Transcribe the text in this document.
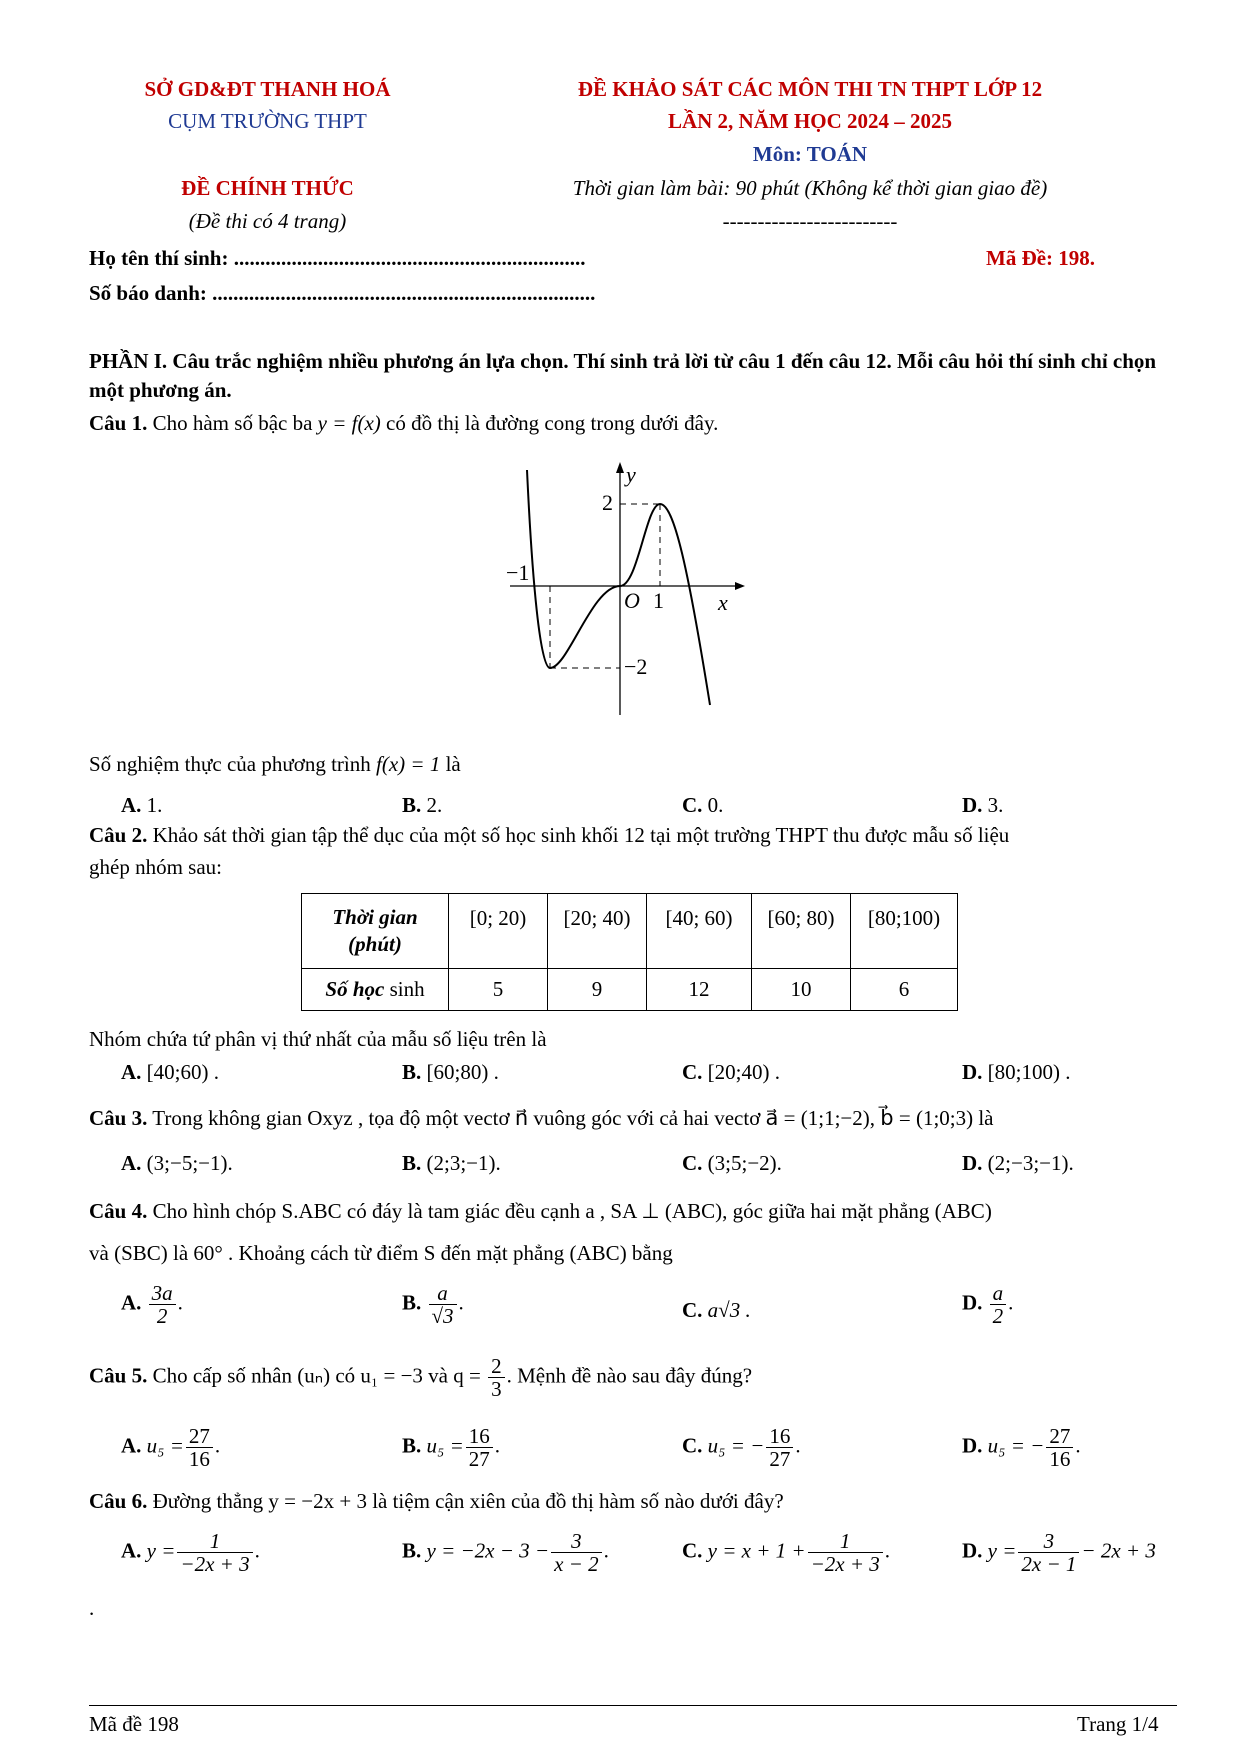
SỞ GD&ĐT THANH HOÁ
CỤM TRƯỜNG THPT
ĐỀ CHÍNH THỨC
(Đề thi có 4 trang)
ĐỀ KHẢO SÁT CÁC MÔN THI TN THPT LỚP 12
LẦN 2, NĂM HỌC 2024 – 2025
Môn: TOÁN
Thời gian làm bài: 90 phút (Không kể thời gian giao đề)
-------------------------
Họ tên thí sinh: ...................................................................	Mã Đề: 198.
Số báo danh: .........................................................................
PHẦN I. Câu trắc nghiệm nhiều phương án lựa chọn. Thí sinh trả lời từ câu 1 đến câu 12. Mỗi câu hỏi thí sinh chỉ chọn một phương án.
Câu 1. Cho hàm số bậc ba y = f(x) có đồ thị là đường cong trong dưới đây.
y
x
O
2
−1
1
−2
Số nghiệm thực của phương trình f(x) = 1 là
A. 1.	B. 2.	C. 0.	D. 3.
Câu 2. Khảo sát thời gian tập thể dục của một số học sinh khối 12 tại một trường THPT thu được mẫu số liệu
ghép nhóm sau:
Thời gian
(phút)	[0; 20)	[20; 40)	[40; 60)	[60; 80)	[80;100)
Số học sinh	5	9	12	10	6
Nhóm chứa tứ phân vị thứ nhất của mẫu số liệu trên là
A. [40;60) .	B. [60;80) .	C. [20;40) .	D. [80;100) .
Câu 3. Trong không gian Oxyz , tọa độ một vectơ n⃗ vuông góc với cả hai vectơ a⃗ = (1;1;−2), b⃗ = (1;0;3) là
A. (3;−5;−1).	B. (2;3;−1).	C. (3;5;−2).	D. (2;−3;−1).
Câu 4. Cho hình chóp S.ABC có đáy là tam giác đều cạnh a , SA ⊥ (ABC), góc giữa hai mặt phẳng (ABC)
và (SBC) là 60° . Khoảng cách từ điểm S đến mặt phẳng (ABC) bằng
A. $\frac{3a}{2}$ .	B. $\frac{a}{√3}$ .	C. a√3 .	D. $\frac{a}{2}$ .
Câu 5. Cho cấp số nhân (uₙ) có u₁ = −3 và $q = \frac{2}{3}$ . Mệnh đề nào sau đây đúng?
A. $u_5 = \frac{27}{16}$ .	B. $u_5 = \frac{16}{27}$ .	C. u₅ = − $\frac{16}{27}$ .	D. u₅ = − $\frac{27}{16}$ .
Câu 6. Đường thẳng y = −2x + 3 là tiệm cận xiên của đồ thị hàm số nào dưới đây?
A. $y = \frac{1}{-2x + 3}$ .	B. $y = -2x - 3 - \frac{3}{x - 2}$ .	C. $y = x + 1 + \frac{1}{-2x + 3}$ .	D. $y = \frac{3}{2x - 1} - 2x + 3$
.
Mã đề 198	Trang 1/4
